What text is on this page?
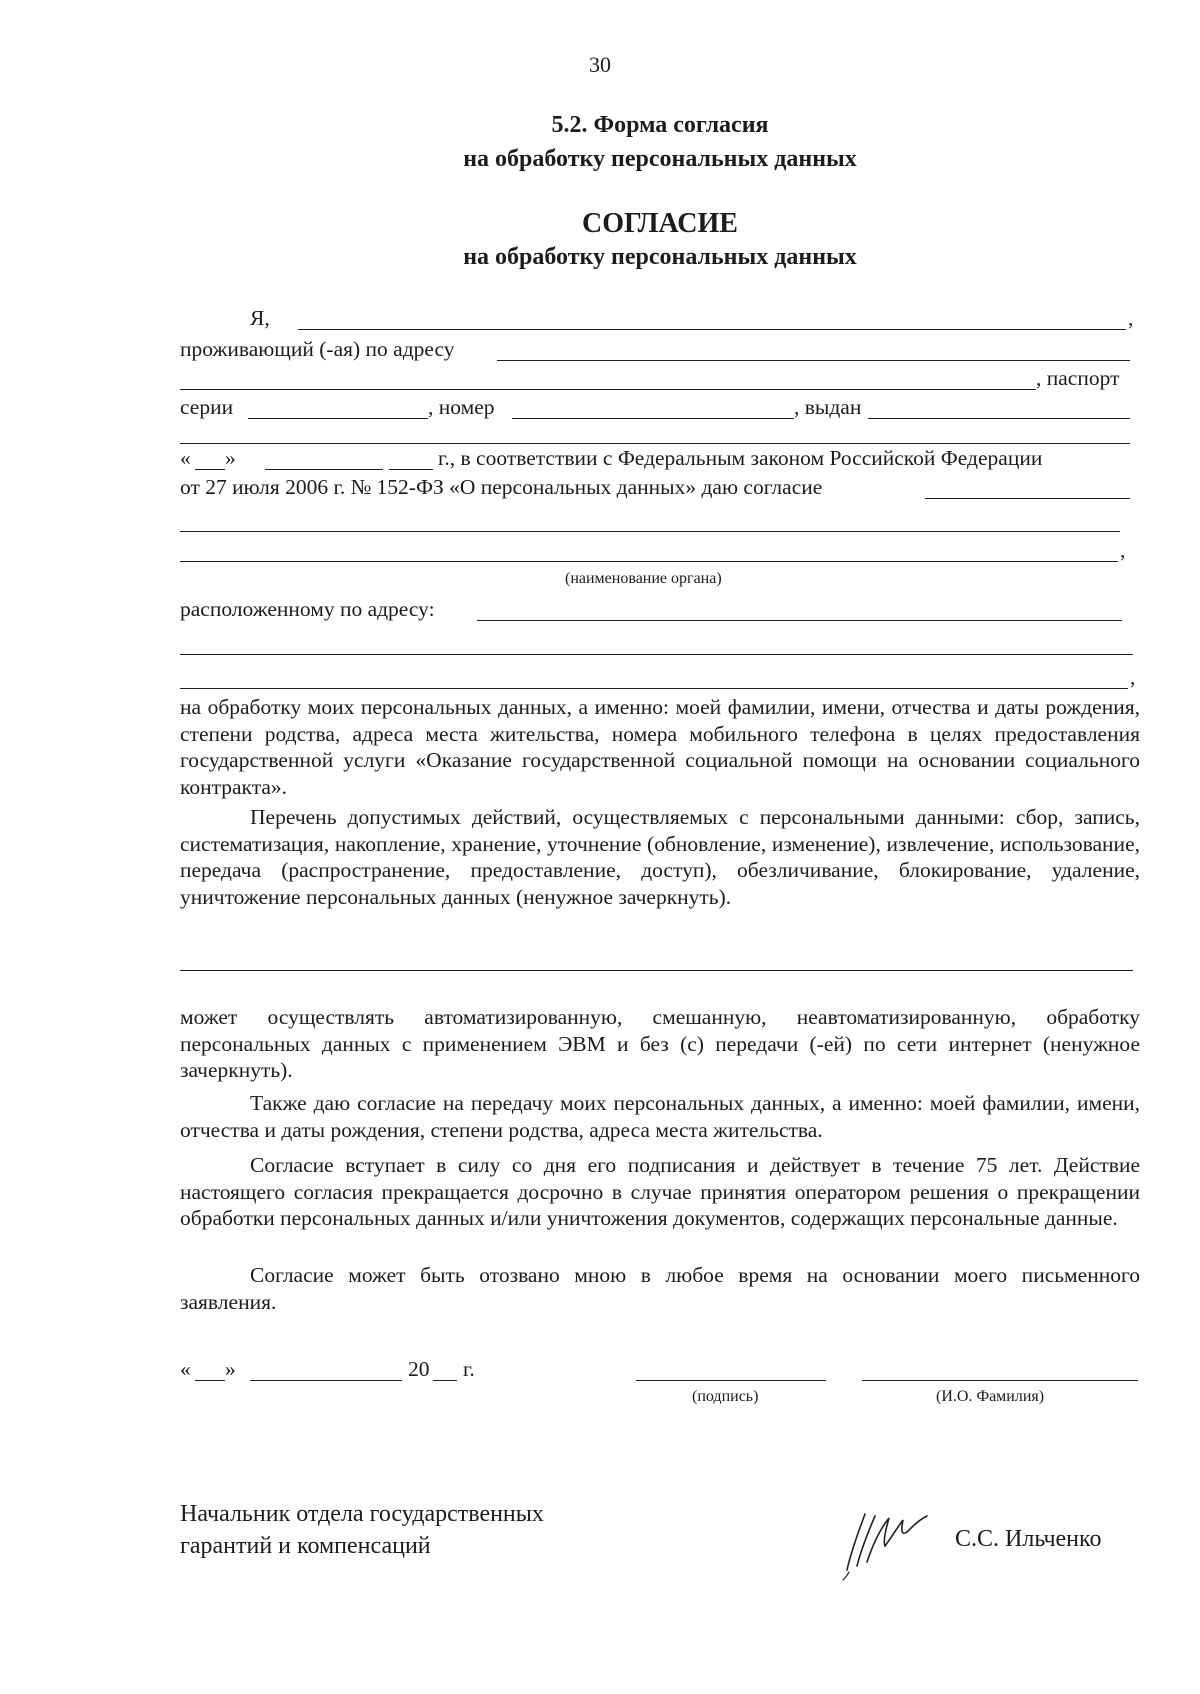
30
5.2. Форма согласия
на обработку персональных данных
СОГЛАСИЕ
на обработку персональных данных
Я,	,
проживающий (-ая) по адресу
, паспорт
серии	, номер	, выдан
« »	г., в соответствии с Федеральным законом Российской Федерации
от 27 июля 2006 г. № 152-ФЗ «О персональных данных» даю согласие
,
(наименование органа)
расположенному по адресу:
,
на обработку моих персональных данных, а именно: моей фамилии, имени, отчества и даты рождения, степени родства, адреса места жительства, номера мобильного телефона в целях предоставления государственной услуги «Оказание государственной социальной помощи на основании социального контракта».
Перечень допустимых действий, осуществляемых с персональными данными: сбор, запись, систематизация, накопление, хранение, уточнение (обновление, изменение), извлечение, использование, передача (распространение, предоставление, доступ), обезличивание, блокирование, удаление, уничтожение персональных данных (ненужное зачеркнуть).
может осуществлять автоматизированную, смешанную, неавтоматизированную, обработку персональных данных с применением ЭВМ и без (с) передачи (-ей) по сети интернет (ненужное зачеркнуть).
Также даю согласие на передачу моих персональных данных, а именно: моей фамилии, имени, отчества и даты рождения, степени родства, адреса места жительства.
Согласие вступает в силу со дня его подписания и действует в течение 75 лет. Действие настоящего согласия прекращается досрочно в случае принятия оператором решения о прекращении обработки персональных данных и/или уничтожения документов, содержащих персональные данные.
Согласие может быть отозвано мною в любое время на основании моего письменного заявления.
« »	20 г.
(подпись)	(И.О. Фамилия)
Начальник отдела государственных
гарантий и компенсаций	С.С. Ильченко
